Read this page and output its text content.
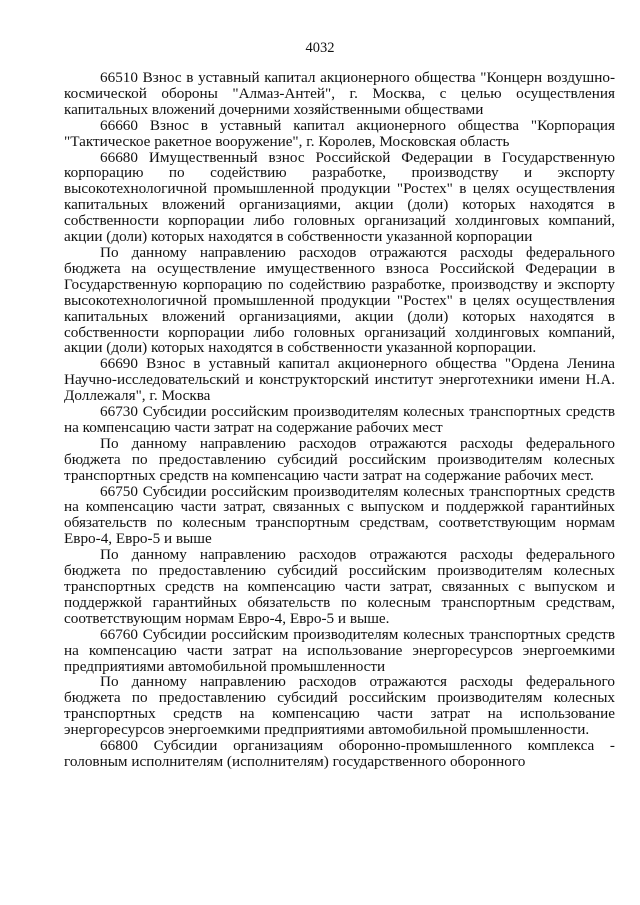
4032

66510 Взнос в уставный капитал акционерного общества "Концерн воздушно-космической обороны "Алмаз-Антей", г. Москва, с целью осуществления капитальных вложений дочерними хозяйственными обществами

66660 Взнос в уставный капитал акционерного общества "Корпорация "Тактическое ракетное вооружение", г. Королев, Московская область

66680 Имущественный взнос Российской Федерации в Государственную корпорацию по содействию разработке, производству и экспорту высокотехнологичной промышленной продукции "Ростех" в целях осуществления капитальных вложений организациями, акции (доли) которых находятся в собственности корпорации либо головных организаций холдинговых компаний, акции (доли) которых находятся в собственности указанной корпорации

По данному направлению расходов отражаются расходы федерального бюджета на осуществление имущественного взноса Российской Федерации в Государственную корпорацию по содействию разработке, производству и экспорту высокотехнологичной промышленной продукции "Ростех" в целях осуществления капитальных вложений организациями, акции (доли) которых находятся в собственности корпорации либо головных организаций холдинговых компаний, акции (доли) которых находятся в собственности указанной корпорации.

66690 Взнос в уставный капитал акционерного общества "Ордена Ленина Научно-исследовательский и конструкторский институт энерготехники имени Н.А. Доллежаля", г. Москва

66730 Субсидии российским производителям колесных транспортных средств на компенсацию части затрат на содержание рабочих мест

По данному направлению расходов отражаются расходы федерального бюджета по предоставлению субсидий российским производителям колесных транспортных средств на компенсацию части затрат на содержание рабочих мест.

66750 Субсидии российским производителям колесных транспортных средств на компенсацию части затрат, связанных с выпуском и поддержкой гарантийных обязательств по колесным транспортным средствам, соответствующим нормам Евро-4, Евро-5 и выше

По данному направлению расходов отражаются расходы федерального бюджета по предоставлению субсидий российским производителям колесных транспортных средств на компенсацию части затрат, связанных с выпуском и поддержкой гарантийных обязательств по колесным транспортным средствам, соответствующим нормам Евро-4, Евро-5 и выше.

66760 Субсидии российским производителям колесных транспортных средств на компенсацию части затрат на использование энергоресурсов энергоемкими предприятиями автомобильной промышленности

По данному направлению расходов отражаются расходы федерального бюджета по предоставлению субсидий российским производителям колесных транспортных средств на компенсацию части затрат на использование энергоресурсов энергоемкими предприятиями автомобильной промышленности.

66800 Субсидии организациям оборонно-промышленного комплекса - головным исполнителям (исполнителям) государственного оборонного
